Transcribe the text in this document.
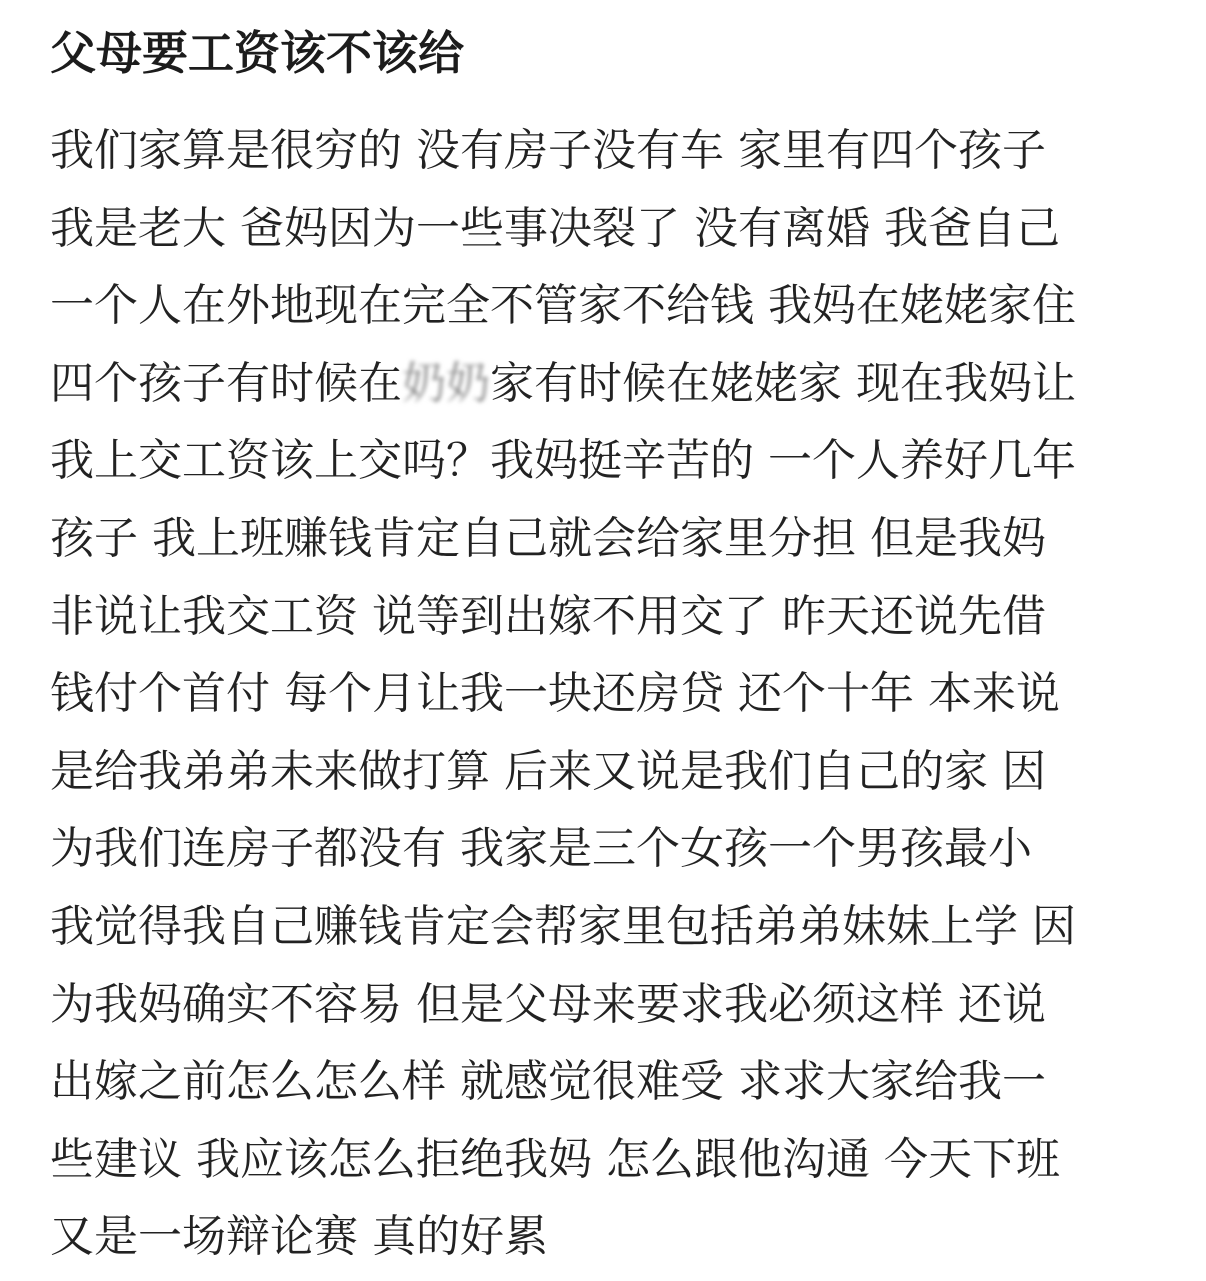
父母要工资该不该给
我们家算是很穷的 没有房子没有车 家里有四个孩子
我是老大 爸妈因为一些事决裂了 没有离婚 我爸自己
一个人在外地现在完全不管家不给钱 我妈在姥姥家住
四个孩子有时候在奶奶家有时候在姥姥家 现在我妈让
我上交工资该上交吗？我妈挺辛苦的 一个人养好几年
孩子 我上班赚钱肯定自己就会给家里分担 但是我妈
非说让我交工资 说等到出嫁不用交了 昨天还说先借
钱付个首付 每个月让我一块还房贷 还个十年 本来说
是给我弟弟未来做打算 后来又说是我们自己的家 因
为我们连房子都没有 我家是三个女孩一个男孩最小
我觉得我自己赚钱肯定会帮家里包括弟弟妹妹上学 因
为我妈确实不容易 但是父母来要求我必须这样 还说
出嫁之前怎么怎么样 就感觉很难受 求求大家给我一
些建议 我应该怎么拒绝我妈 怎么跟他沟通 今天下班
又是一场辩论赛 真的好累
